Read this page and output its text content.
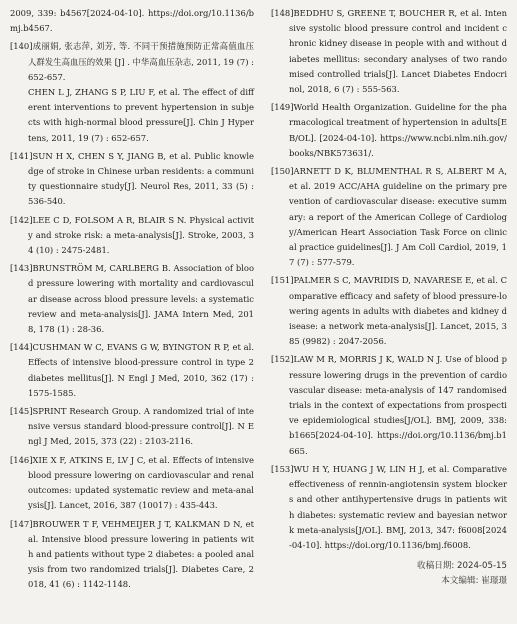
2009, 339: b4567[2024-04-10]. https://doi.org/10.1136/bmj.b4567.
[140]成丽娟, 张志萍, 刘芳, 等. 不同干预措施预防正常高值血压人群发生高血压的效果 [J] . 中华高血压杂志, 2011, 19 (7) : 652-657.
CHEN L J, ZHANG S P, LIU F, et al. The effect of different interventions to prevent hypertension in subjects with high-normal blood pressure[J]. Chin J Hypertens, 2011, 19 (7) : 652-657.
[141]SUN H X, CHEN S Y, JIANG B, et al. Public knowledge of stroke in Chinese urban residents: a community questionnaire study[J]. Neurol Res, 2011, 33 (5) : 536-540.
[142]LEE C D, FOLSOM A R, BLAIR S N. Physical activity and stroke risk: a meta-analysis[J]. Stroke, 2003, 34 (10) : 2475-2481.
[143]BRUNSTRÖM M, CARLBERG B. Association of blood pressure lowering with mortality and cardiovascular disease across blood pressure levels: a systematic review and meta-analysis[J]. JAMA Intern Med, 2018, 178 (1) : 28-36.
[144]CUSHMAN W C, EVANS G W, BYINGTON R P, et al. Effects of intensive blood-pressure control in type 2 diabetes mellitus[J]. N Engl J Med, 2010, 362 (17) : 1575-1585.
[145]SPRINT Research Group. A randomized trial of intensive versus standard blood-pressure control[J]. N Engl J Med, 2015, 373 (22) : 2103-2116.
[146]XIE X F, ATKINS E, LV J C, et al. Effects of intensive blood pressure lowering on cardiovascular and renal outcomes: updated systematic review and meta-analysis[J]. Lancet, 2016, 387 (10017) : 435-443.
[147]BROUWER T F, VEHMEIJER J T, KALKMAN D N, et al. Intensive blood pressure lowering in patients with and patients without type 2 diabetes: a pooled analysis from two randomized trials[J]. Diabetes Care, 2018, 41 (6) : 1142-1148.
[148]BEDDHU S, GREENE T, BOUCHER R, et al. Intensive systolic blood pressure control and incident chronic kidney disease in people with and without diabetes mellitus: secondary analyses of two randomised controlled trials[J]. Lancet Diabetes Endocrinol, 2018, 6 (7) : 555-563.
[149]World Health Organization. Guideline for the pharmacological treatment of hypertension in adults[EB/OL]. [2024-04-10]. https://www.ncbi.nlm.nih.gov/books/NBK573631/.
[150]ARNETT D K, BLUMENTHAL R S, ALBERT M A, et al. 2019 ACC/AHA guideline on the primary prevention of cardiovascular disease: executive summary: a report of the American College of Cardiology/American Heart Association Task Force on clinical practice guidelines[J]. J Am Coll Cardiol, 2019, 17 (7) : 577-579.
[151]PALMER S C, MAVRIDIS D, NAVARESE E, et al. Comparative efficacy and safety of blood pressure-lowering agents in adults with diabetes and kidney disease: a network meta-analysis[J]. Lancet, 2015, 385 (9982) : 2047-2056.
[152]LAW M R, MORRIS J K, WALD N J. Use of blood pressure lowering drugs in the prevention of cardiovascular disease: meta-analysis of 147 randomised trials in the context of expectations from prospective epidemiological studies[J/OL]. BMJ, 2009, 338: b1665[2024-04-10]. https://doi.org/10.1136/bmj.b1665.
[153]WU H Y, HUANG J W, LIN H J, et al. Comparative effectiveness of rennin-angiotensin system blockers and other antihypertensive drugs in patients with diabetes: systematic review and bayesian network meta-analysis[J/OL]. BMJ, 2013, 347: f6008[2024-04-10]. https://doi.org/10.1136/bmj.f6008.
收稿日期: 2024-05-15
本文编辑: 崔璟璟
